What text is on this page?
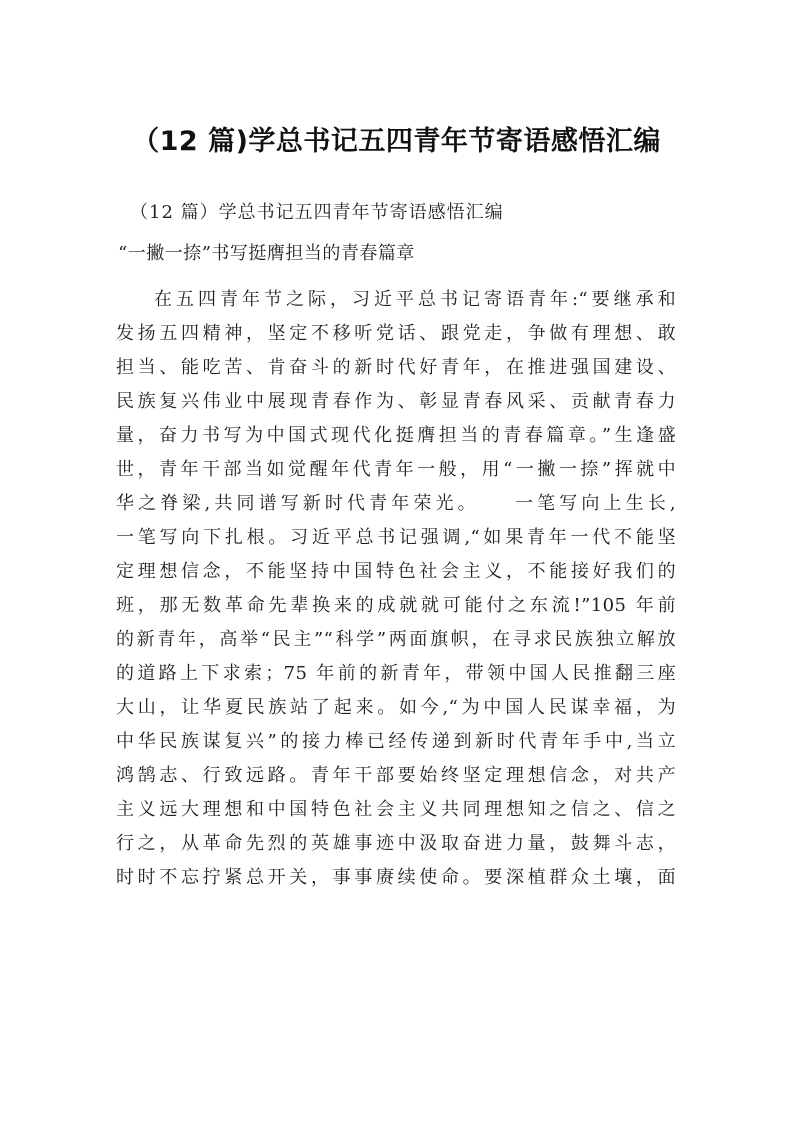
（12 篇)学总书记五四青年节寄语感悟汇编
（12 篇）学总书记五四青年节寄语感悟汇编
“一撇一捺”书写挺膺担当的青春篇章
在五四青年节之际，习近平总书记寄语青年:“要继承和
发扬五四精神，坚定不移听党话、跟党走，争做有理想、敢
担当、能吃苦、肯奋斗的新时代好青年，在推进强国建设、
民族复兴伟业中展现青春作为、彰显青春风采、贡献青春力
量，奋力书写为中国式现代化挺膺担当的青春篇章。”生逢盛
世，青年干部当如觉醒年代青年一般，用“一撇一捺”挥就中
华之脊梁,共同谱写新时代青年荣光。　　一笔写向上生长,
一笔写向下扎根。习近平总书记强调,“如果青年一代不能坚
定理想信念，不能坚持中国特色社会主义，不能接好我们的
班，那无数革命先辈换来的成就就可能付之东流!”105 年前
的新青年，高举“民主”“科学”两面旗帜，在寻求民族独立解放
的道路上下求索；75 年前的新青年，带领中国人民推翻三座
大山，让华夏民族站了起来。如今,“为中国人民谋幸福，为
中华民族谋复兴”的接力棒已经传递到新时代青年手中,当立
鸿鹄志、行致远路。青年干部要始终坚定理想信念，对共产
主义远大理想和中国特色社会主义共同理想知之信之、信之
行之，从革命先烈的英雄事迹中汲取奋进力量，鼓舞斗志，
时时不忘拧紧总开关，事事赓续使命。要深植群众土壤，面
